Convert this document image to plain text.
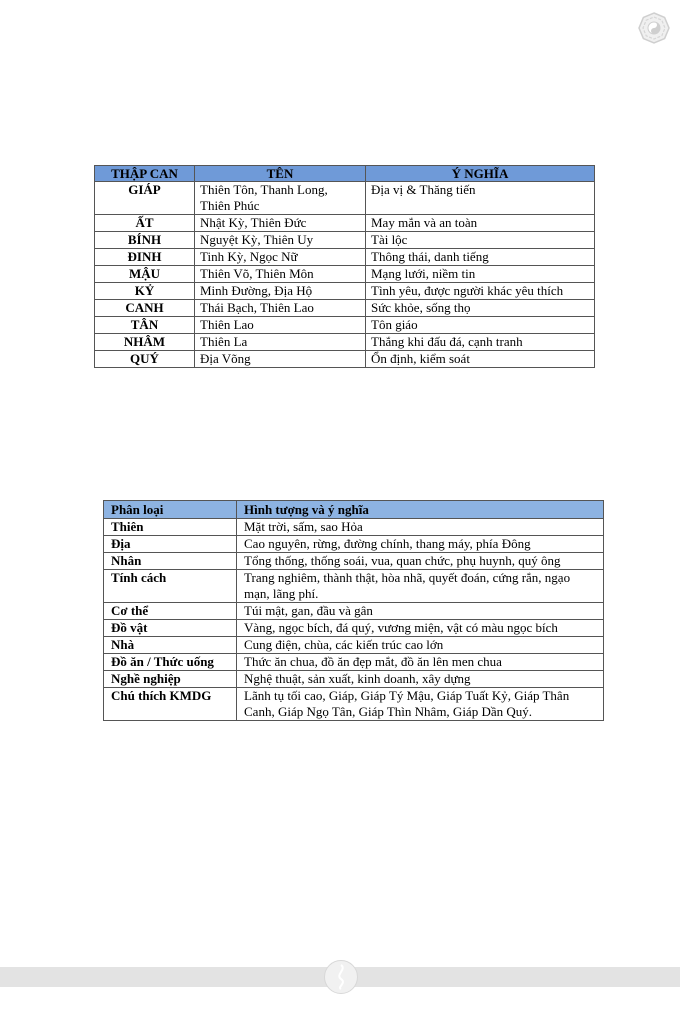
THẬP CAN	TÊN	Ý NGHĨA
GIÁP	Thiên Tôn, Thanh Long, Thiên Phúc	Địa vị & Thăng tiến
ẤT	Nhật Kỳ, Thiên Đức	May mắn và an toàn
BÍNH	Nguyệt Kỳ, Thiên Uy	Tài lộc
ĐINH	Tinh Kỳ, Ngọc Nữ	Thông thái, danh tiếng
MẬU	Thiên Võ, Thiên Môn	Mạng lưới, niềm tin
KỶ	Minh Đường, Địa Hộ	Tình yêu, được người khác yêu thích
CANH	Thái Bạch, Thiên Lao	Sức khỏe, sống thọ
TÂN	Thiên Lao	Tôn giáo
NHÂM	Thiên La	Thắng khi đấu đá, cạnh tranh
QUÝ	Địa Võng	Ổn định, kiểm soát
Phân loại	Hình tượng và ý nghĩa
Thiên	Mặt trời, sấm, sao Hỏa
Địa	Cao nguyên, rừng, đường chính, thang máy, phía Đông
Nhân	Tổng thống, thống soái, vua, quan chức, phụ huynh, quý ông
Tính cách	Trang nghiêm, thành thật, hòa nhã, quyết đoán, cứng rắn, ngạo mạn, lãng phí.
Cơ thể	Túi mật, gan, đầu và gân
Đồ vật	Vàng, ngọc bích, đá quý, vương miện, vật có màu ngọc bích
Nhà	Cung điện, chùa, các kiến trúc cao lớn
Đồ ăn / Thức uống	Thức ăn chua, đồ ăn đẹp mắt, đồ ăn lên men chua
Nghề nghiệp	Nghệ thuật, sản xuất, kinh doanh, xây dựng
Chú thích KMDG	Lãnh tụ tối cao, Giáp, Giáp Tý Mậu, Giáp Tuất Kỷ, Giáp Thân Canh, Giáp Ngọ Tân, Giáp Thìn Nhâm, Giáp Dần Quý.
